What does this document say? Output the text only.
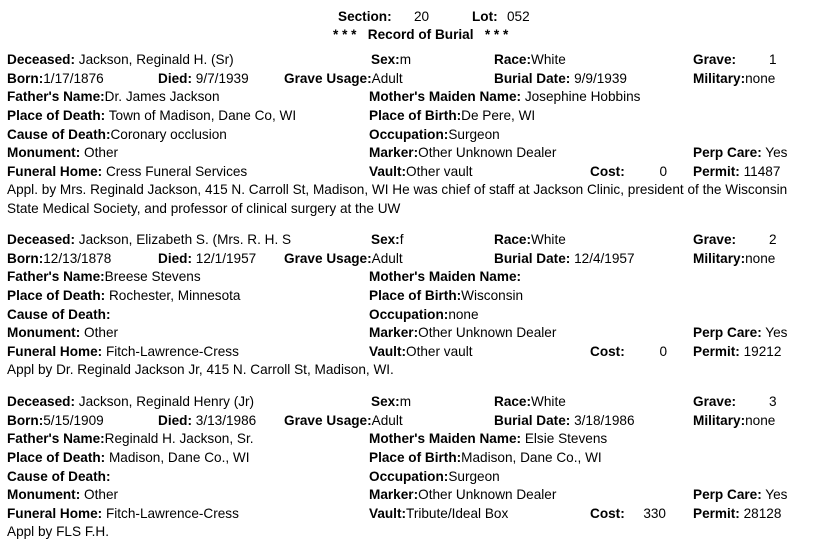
Section: 20	Lot: 052
* * *   Record of Burial   * * *
Deceased: Jackson, Reginald H. (Sr)	Sex:m	Race:White	Grave: 1
Born:1/17/1876	Died: 9/7/1939	Grave Usage:Adult	Burial Date: 9/9/1939	Military:none
Father's Name:Dr. James Jackson	Mother's Maiden Name: Josephine Hobbins
Place of Death: Town of Madison, Dane Co, WI	Place of Birth:De Pere, WI
Cause of Death:Coronary occlusion	Occupation:Surgeon
Monument: Other	Marker:Other Unknown Dealer	Perp Care: Yes
Funeral Home: Cress Funeral Services	Vault:Other vault	Cost:	0 Permit: 11487
Appl. by Mrs. Reginald Jackson, 415 N. Carroll St, Madison, WI He was chief of staff at Jackson Clinic, president of the Wisconsin State Medical Society, and professor of clinical surgery at the UW
Deceased: Jackson, Elizabeth S. (Mrs. R. H. S	Sex:f	Race:White	Grave: 2
Born:12/13/1878	Died: 12/1/1957 Grave Usage:Adult	Burial Date: 12/4/1957	Military:none
Father's Name:Breese Stevens	Mother's Maiden Name:
Place of Death: Rochester, Minnesota	Place of Birth:Wisconsin
Cause of Death:	Occupation:none
Monument: Other	Marker:Other Unknown Dealer	Perp Care: Yes
Funeral Home: Fitch-Lawrence-Cress	Vault:Other vault	Cost:	0 Permit: 19212
Appl by Dr. Reginald Jackson Jr, 415 N. Carroll St, Madison, WI.
Deceased: Jackson, Reginald Henry (Jr)	Sex:m	Race:White	Grave: 3
Born:5/15/1909	Died: 3/13/1986 Grave Usage:Adult	Burial Date: 3/18/1986	Military:none
Father's Name:Reginald H. Jackson, Sr.	Mother's Maiden Name: Elsie Stevens
Place of Death: Madison, Dane Co., WI	Place of Birth:Madison, Dane Co., WI
Cause of Death:	Occupation:Surgeon
Monument: Other	Marker:Other Unknown Dealer	Perp Care: Yes
Funeral Home: Fitch-Lawrence-Cress	Vault:Tribute/Ideal Box	Cost: 330 Permit: 28128
Appl by FLS F.H.
